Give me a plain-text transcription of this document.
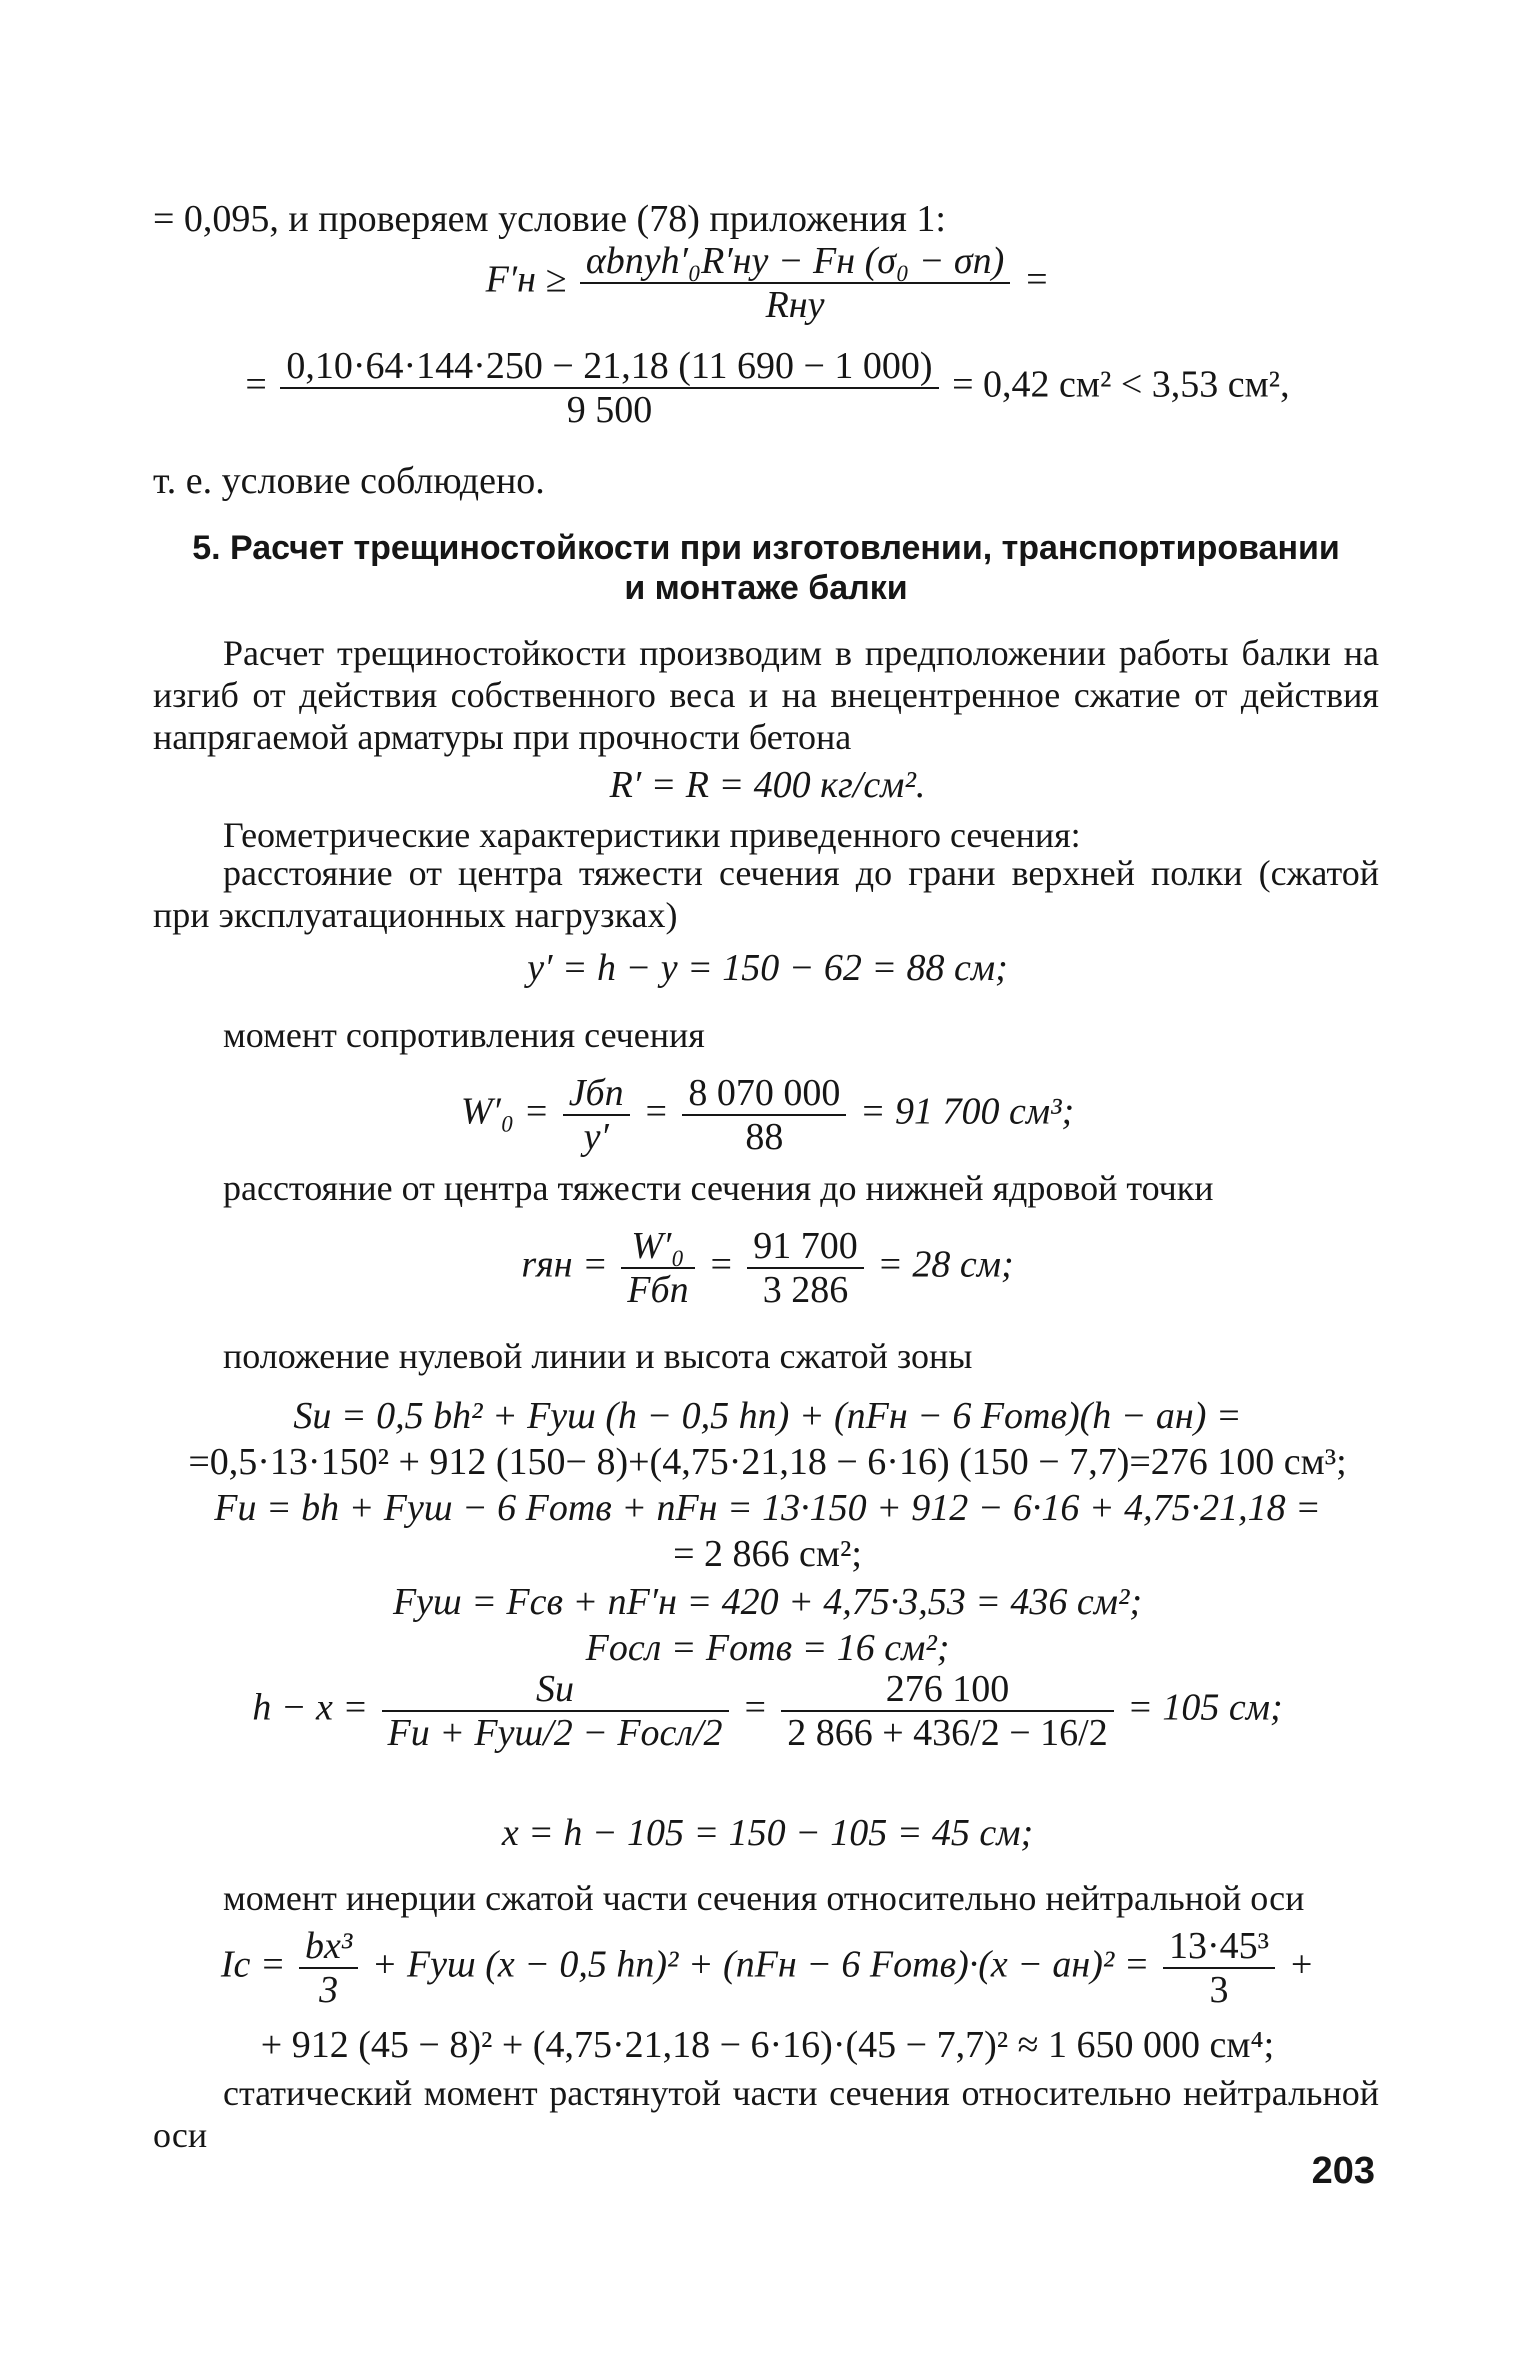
= 0,095, и проверяем условие (78) приложения 1:
$F'н \ge \frac{\text{αbпуh′₀R′ну − Fн (σ₀ − σп)}}{\text{Rну}}$ =
= $\frac{0,10\cdot 64\cdot 144\cdot 250 - 21,18 (11 690 - 1 000)}{9 500} = 0,42$ см² < 3,53 см²,
т. е. условие соблюдено.
5. Расчет трещиностойкости при изготовлении, транспортировании
и монтаже балки
Расчет трещиностойкости производим в предположении работы балки на изгиб от действия собственного веса и на внецентренное сжатие от действия напрягаемой арматуры при прочности бетона
R′ = R = 400 кг/см².
Геометрические характеристики приведенного сечения:
расстояние от центра тяжести сечения до грани верхней полки (сжатой при эксплуатационных нагрузках)
y′ = h − y = 150 − 62 = 88 см;
момент сопротивления сечения
$W'_0 = \frac{\text{Jбп}}{y'} = \frac{8 070 000}{88} = 91$ 700 см³;
расстояние от центра тяжести сечения до нижней ядровой точки
rян = $\frac{\text{W′₀}}{\text{Fбп}} = \frac{91 700}{3 286} = 28$ см;
положение нулевой линии и высота сжатой зоны
Sи = 0,5 bh² + Fуш (h − 0,5 hп) + (nFн − 6 Fотв)(h − aн) =
=0,5·13·150² + 912 (150− 8)+(4,75·21,18 − 6·16) (150 − 7,7)=276 100 см³;
Fи = bh + Fуш − 6 Fотв + nFн = 13·150 + 912 − 6·16 + 4,75·21,18 =
= 2 866 см²;
Fуш = Fсв + nF′н = 420 + 4,75·3,53 = 436 см²;
Fосл = Fотв = 16 см²;
$h - x = \frac{Sи}{\text{Fи + Fуш/2 − Fосл/2}} = \frac{276 100}{2 866 + 436/2 - 16/2} = 105$ см;
x = h − 105 = 150 − 105 = 45 см;
момент инерции сжатой части сечения относительно нейтральной оси
Iс = $\frac{\text{bx³}}{3}$ + Fуш (x − 0,5 hп)² + (nFн − 6 Fотв)·(x − $aн)^2 = \frac{\text{13·45³}}{3}$ +
+ 912 (45 − 8)² + (4,75·21,18 − 6·16)·(45 − 7,7)² ≈ 1 650 000 см⁴;
статический момент растянутой части сечения относительно нейтральной оси
203
